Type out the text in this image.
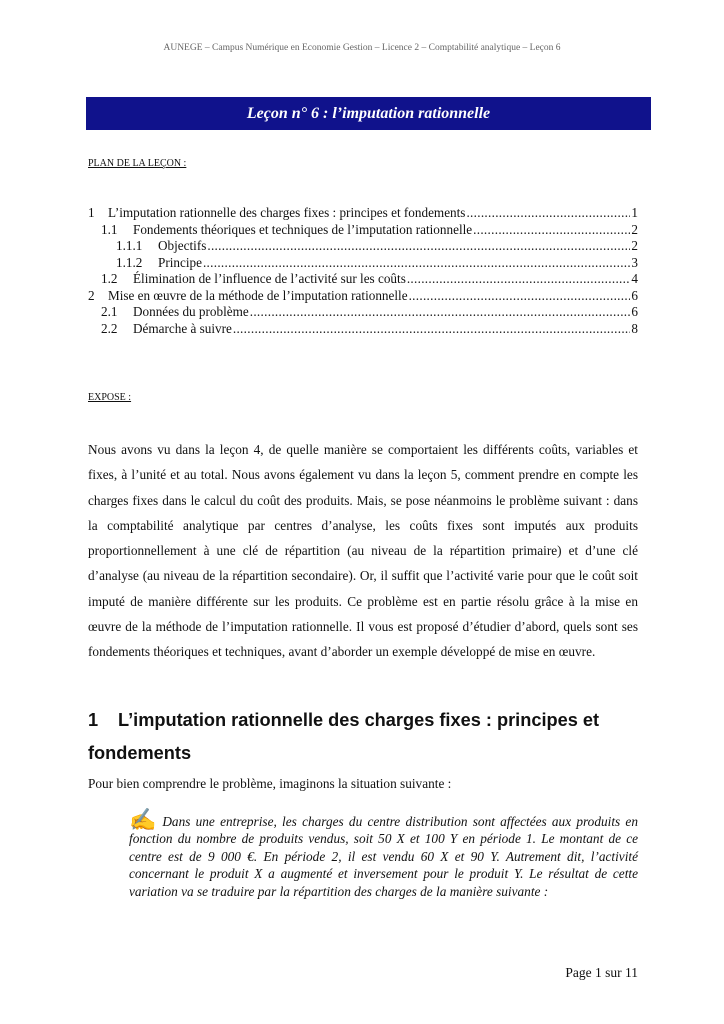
AUNEGE – Campus Numérique en Economie Gestion – Licence 2 – Comptabilité analytique – Leçon 6
Leçon n° 6 : l’imputation rationnelle
PLAN DE LA LEÇON :
1	L’imputation rationnelle des charges fixes : principes et fondements .....	1
1.1	Fondements théoriques et techniques de l’imputation rationnelle .....	2
1.1.1	Objectifs .....	2
1.1.2	Principe .....	3
1.2	Élimination de l’influence de l’activité sur les coûts .....	4
2	Mise en œuvre de la méthode de l’imputation rationnelle .....	6
2.1	Données du problème .....	6
2.2	Démarche à suivre .....	8
EXPOSE :
Nous avons vu dans la leçon 4, de quelle manière se comportaient les différents coûts, variables et fixes, à l’unité et au total. Nous avons également vu dans la leçon 5, comment prendre en compte les charges fixes dans le calcul du coût des produits. Mais, se pose néanmoins le problème suivant : dans la comptabilité analytique par centres d’analyse, les coûts fixes sont imputés aux produits proportionnellement à une clé de répartition (au niveau de la répartition primaire) et d’une clé d’analyse (au niveau de la répartition secondaire). Or, il suffit que l’activité varie pour que le coût soit imputé de manière différente sur les produits. Ce problème est en partie résolu grâce à la mise en œuvre de la méthode de l’imputation rationnelle. Il vous est proposé d’étudier d’abord, quels sont ses fondements théoriques et techniques, avant d’aborder un exemple développé de mise en œuvre.
1 L’imputation rationnelle des charges fixes : principes et fondements
Pour bien comprendre le problème, imaginons la situation suivante :
✍ Dans une entreprise, les charges du centre distribution sont affectées aux produits en fonction du nombre de produits vendus, soit 50 X et 100 Y en période 1. Le montant de ce centre est de 9 000 €. En période 2, il est vendu 60 X et 90 Y. Autrement dit, l’activité concernant le produit X a augmenté et inversement pour le produit Y. Le résultat de cette variation va se traduire par la répartition des charges de la manière suivante :
Page 1 sur 11
